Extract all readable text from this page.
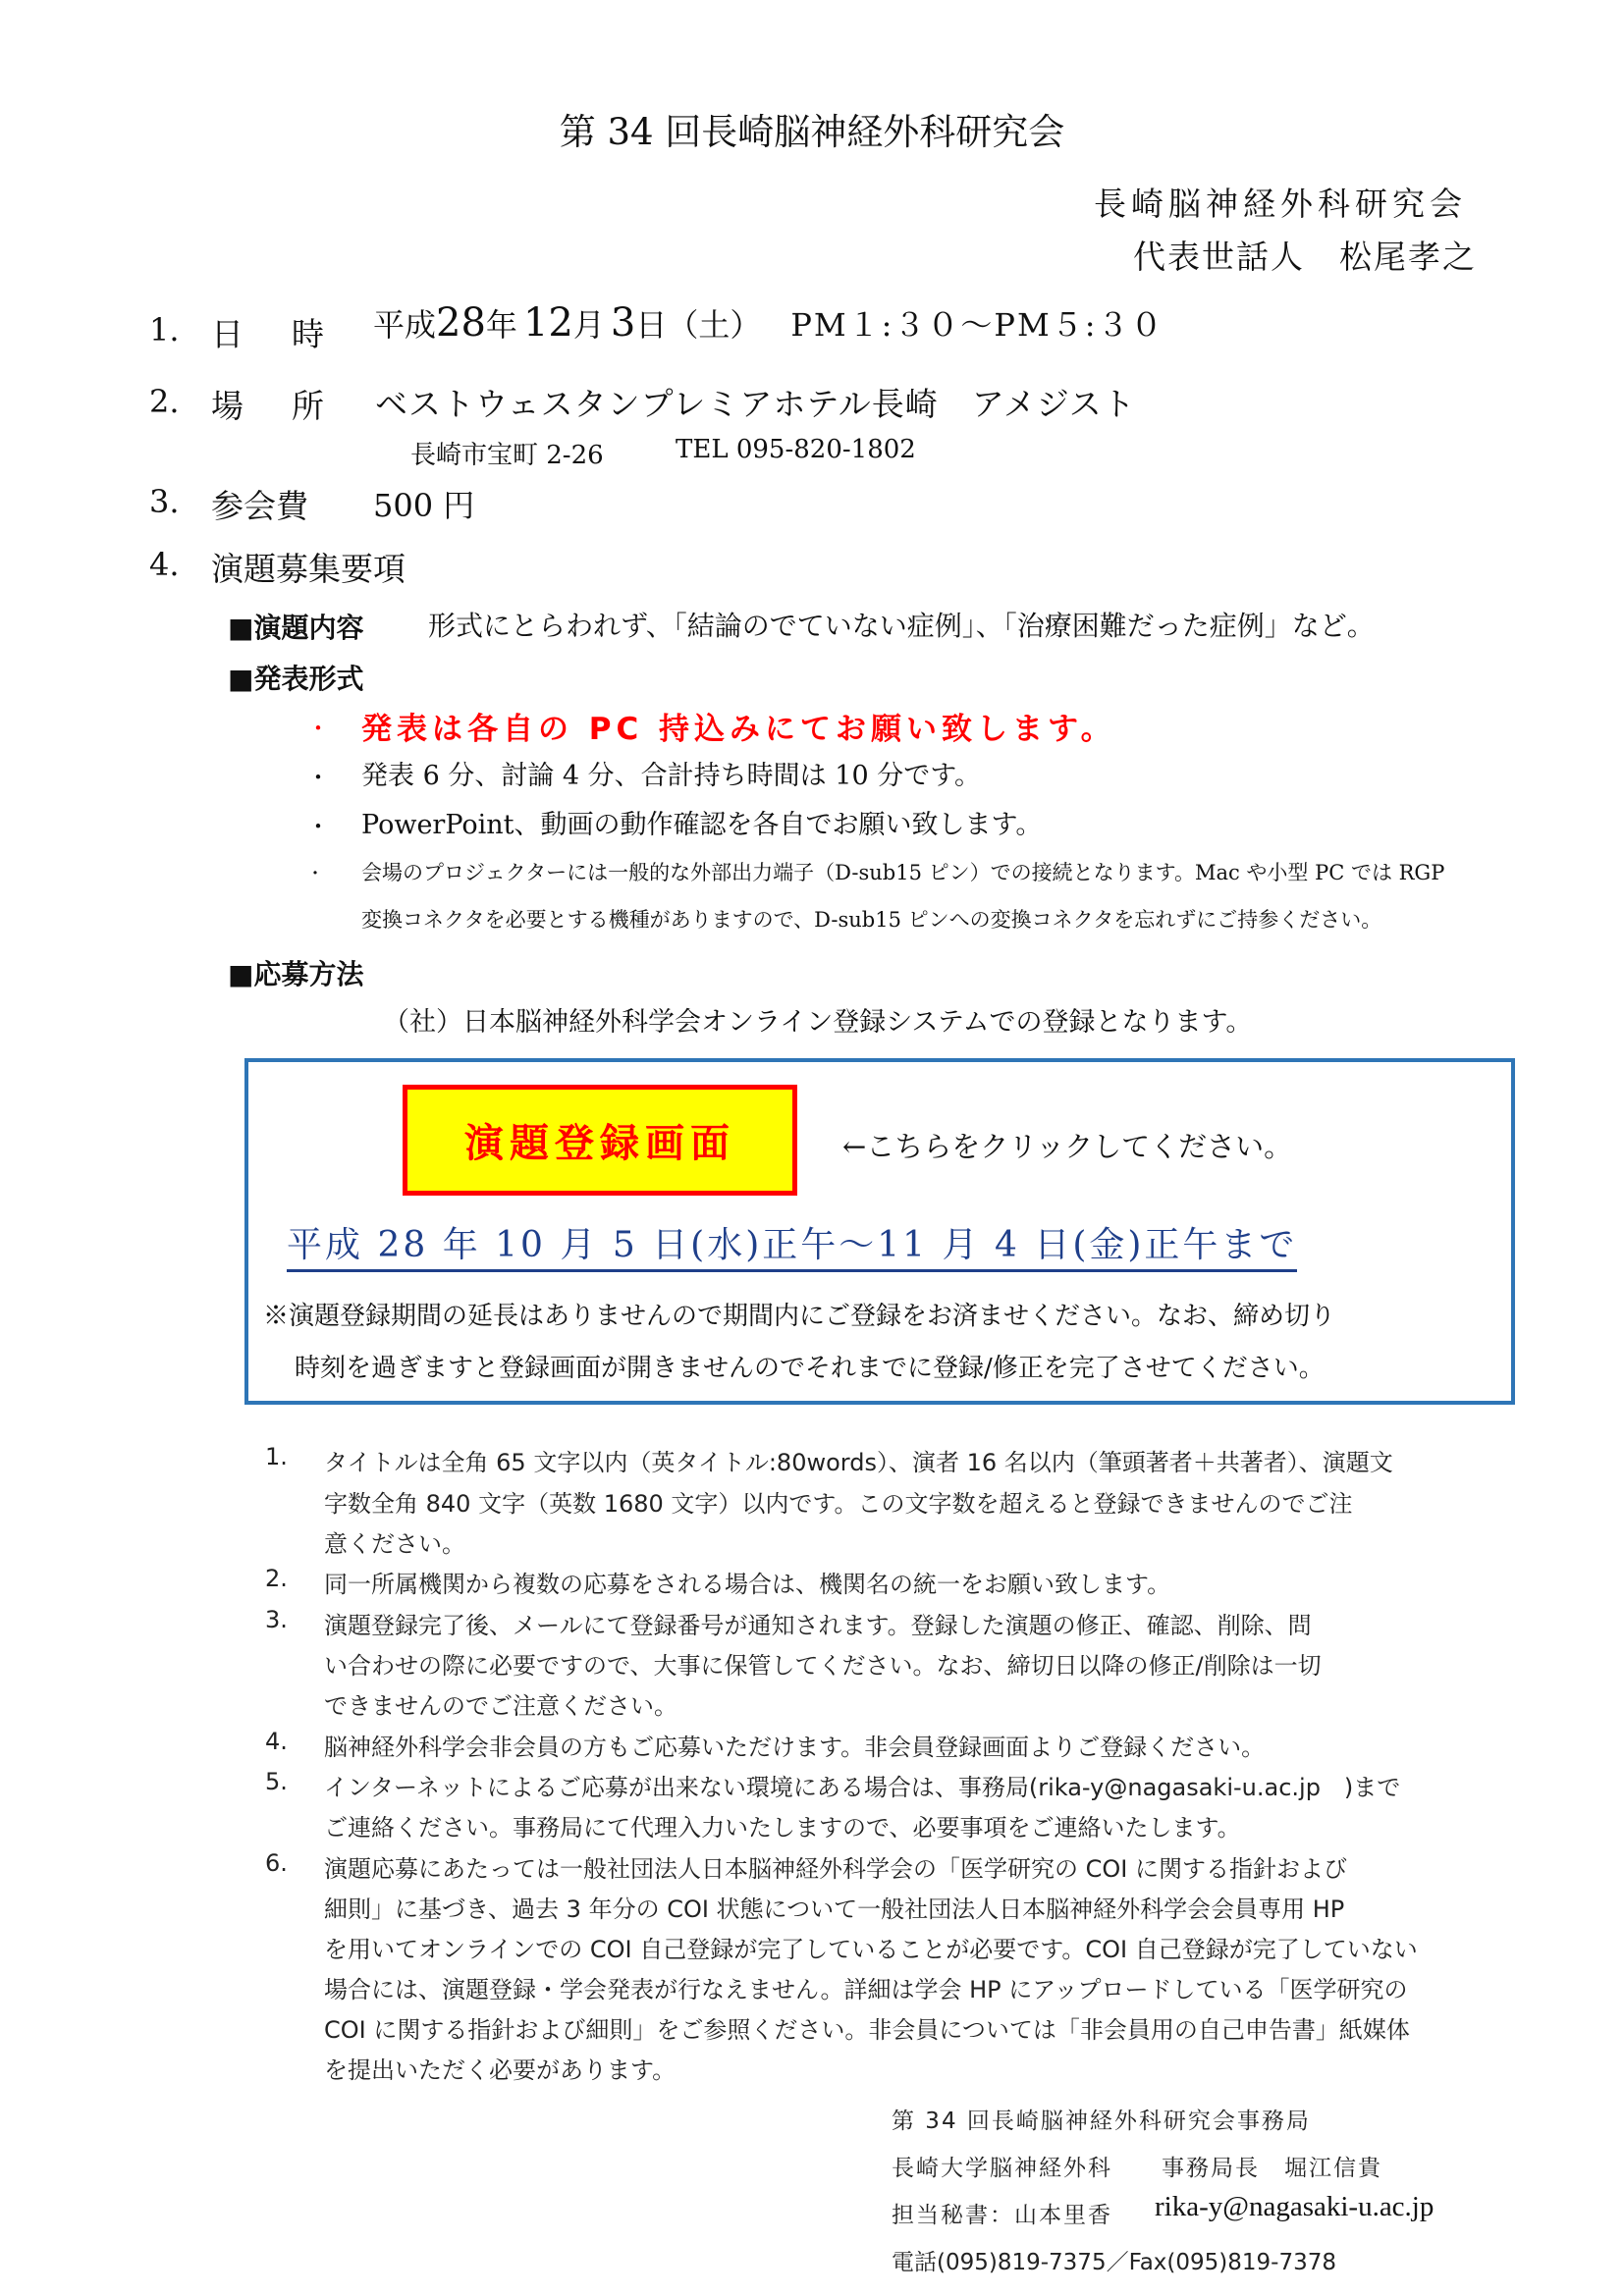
第 34 回長崎脳神経外科研究会
長崎脳神経外科研究会
代表世話人　松尾孝之
1. 日　時 平成 28 年 12 月 3 日 （土） PM１:３０～PM５:３０
2. 場　所 ベストウェスタンプレミアホテル長崎　アメジスト
長崎市宝町 2-26	TEL 095-820-1802
3. 参会費 500 円
4. 演題募集要項
■演題内容 形式にとらわれず、「結論のでていない症例」、「治療困難だった症例」など。
■発表形式
・ 発表は各自の PC 持込みにてお願い致します。
・ 発表 6 分、討論 4 分、合計持ち時間は 10 分です。
・ PowerPoint、動画の動作確認を各自でお願い致します。
・ 会場のプロジェクターには一般的な外部出力端子（D-sub15 ピン）での接続となります。Mac や小型 PC では RGP
変換コネクタを必要とする機種がありますので、D-sub15 ピンへの変換コネクタを忘れずにご持参ください。
■応募方法
（社）日本脳神経外科学会オンライン登録システムでの登録となります。
演題登録画面	←こちらをクリックしてください。
平成 28 年 10 月 5 日(水)正午～11 月 4 日(金)正午まで
※演題登録期間の延長はありませんので期間内にご登録をお済ませください。なお、締め切り
時刻を過ぎますと登録画面が開きませんのでそれまでに登録/修正を完了させてください。
1. タイトルは全角 65 文字以内（英タイトル:80words）、演者 16 名以内（筆頭著者＋共著者）、演題文
字数全角 840 文字（英数 1680 文字）以内です。この文字数を超えると登録できませんのでご注
意ください。
2. 同一所属機関から複数の応募をされる場合は、機関名の統一をお願い致します。
3. 演題登録完了後、メールにて登録番号が通知されます。登録した演題の修正、確認、削除、問
い合わせの際に必要ですので、大事に保管してください。なお、締切日以降の修正/削除は一切
できませんのでご注意ください。
4. 脳神経外科学会非会員の方もご応募いただけます。非会員登録画面よりご登録ください。
5. インターネットによるご応募が出来ない環境にある場合は、事務局(rika-y@nagasaki-u.ac.jp　)まで
ご連絡ください。事務局にて代理入力いたしますので、必要事項をご連絡いたします。
6. 演題応募にあたっては一般社団法人日本脳神経外科学会の「医学研究の COI に関する指針および
細則」に基づき、過去 3 年分の COI 状態について一般社団法人日本脳神経外科学会会員専用 HP
を用いてオンラインでの COI 自己登録が完了していることが必要です。COI 自己登録が完了していない
場合には、演題登録・学会発表が行なえません。詳細は学会 HP にアップロードしている「医学研究の
COI に関する指針および細則」をご参照ください。非会員については「非会員用の自己申告書」紙媒体
を提出いただく必要があります。
第 34 回長崎脳神経外科研究会事務局
長崎大学脳神経外科　　事務局長　堀江信貴
担当秘書：山本里香 rika-y@nagasaki-u.ac.jp
電話(095)819-7375／Fax(095)819-7378
